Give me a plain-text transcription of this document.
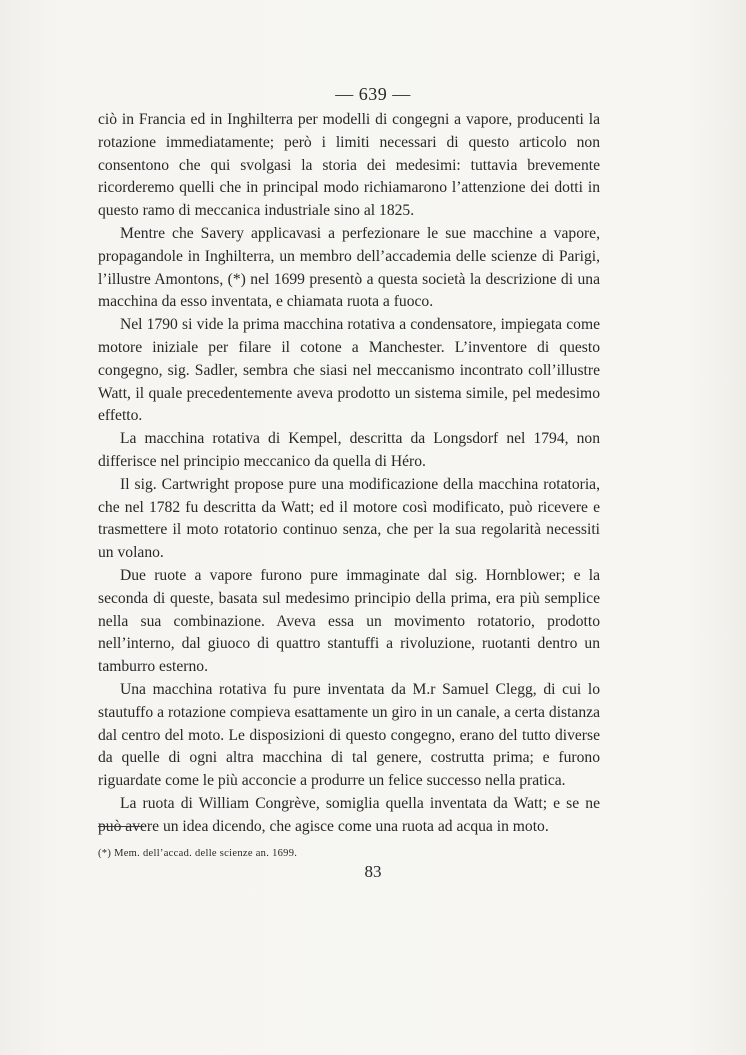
— 639 —

ciò in Francia ed in Inghilterra per modelli di congegni a vapore, producenti la rotazione immediatamente; però i limiti necessari di questo articolo non consentono che qui svolgasi la storia dei medesimi: tuttavia brevemente ricorderemo quelli che in principal modo richiamarono l’attenzione dei dotti in questo ramo di meccanica industriale sino al 1825.

Mentre che Savery applicavasi a perfezionare le sue macchine a vapore, propagandole in Inghilterra, un membro dell’accademia delle scienze di Parigi, l’illustre Amontons, (*) nel 1699 presentò a questa società la descrizione di una macchina da esso inventata, e chiamata ruota a fuoco.

Nel 1790 si vide la prima macchina rotativa a condensatore, impiegata come motore iniziale per filare il cotone a Manchester. L’inventore di questo congegno, sig. Sadler, sembra che siasi nel meccanismo incontrato coll’illustre Watt, il quale precedentemente aveva prodotto un sistema simile, pel medesimo effetto.

La macchina rotativa di Kempel, descritta da Longsdorf nel 1794, non differisce nel principio meccanico da quella di Héro.

Il sig. Cartwright propose pure una modificazione della macchina rotatoria, che nel 1782 fu descritta da Watt; ed il motore così modificato, può ricevere e trasmettere il moto rotatorio continuo senza, che per la sua regolarità necessiti un volano.

Due ruote a vapore furono pure immaginate dal sig. Hornblower; e la seconda di queste, basata sul medesimo principio della prima, era più semplice nella sua combinazione. Aveva essa un movimento rotatorio, prodotto nell’interno, dal giuoco di quattro stantuffi a rivoluzione, ruotanti dentro un tamburro esterno.

Una macchina rotativa fu pure inventata da M.r Samuel Clegg, di cui lo stautuffo a rotazione compieva esattamente un giro in un canale, a certa distanza dal centro del moto. Le disposizioni di questo congegno, erano del tutto diverse da quelle di ogni altra macchina di tal genere, costrutta prima; e furono riguardate come le più acconcie a produrre un felice successo nella pratica.

La ruota di William Congrève, somiglia quella inventata da Watt; e se ne può avere un idea dicendo, che agisce come una ruota ad acqua in moto.

(*) Mem. dell’accad. delle scienze an. 1699.
83
